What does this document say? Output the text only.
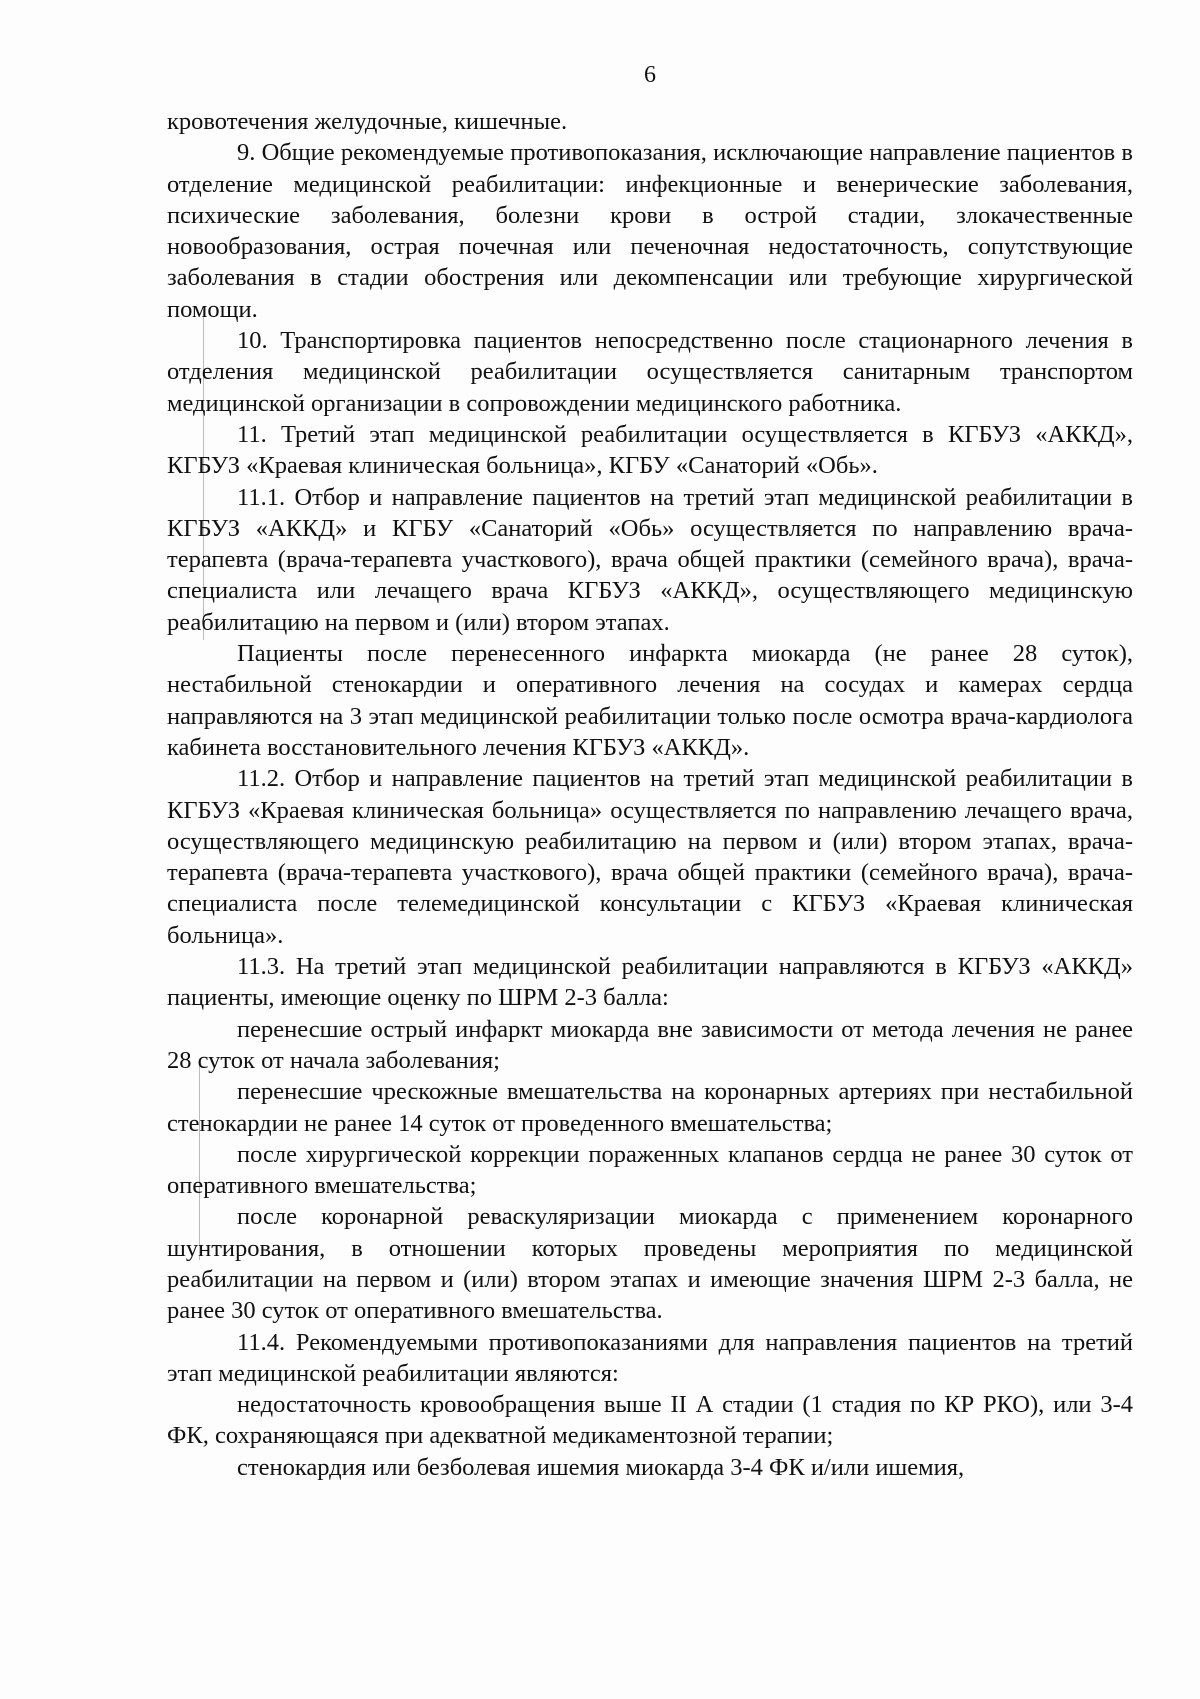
6

кровотечения желудочные, кишечные.

9. Общие рекомендуемые противопоказания, исключающие направление пациентов в отделение медицинской реабилитации: инфекционные и венерические заболевания, психические заболевания, болезни крови в острой стадии, злокачественные новообразования, острая почечная или печеночная недостаточность, сопутствующие заболевания в стадии обострения или декомпенсации или требующие хирургической помощи.

10. Транспортировка пациентов непосредственно после стационарного лечения в отделения медицинской реабилитации осуществляется санитарным транспортом медицинской организации в сопровождении медицинского работника.

11. Третий этап медицинской реабилитации осуществляется в КГБУЗ «АККД», КГБУЗ «Краевая клиническая больница», КГБУ «Санаторий «Обь».

11.1. Отбор и направление пациентов на третий этап медицинской реабилитации в КГБУЗ «АККД» и КГБУ «Санаторий «Обь» осуществляется по направлению врача-терапевта (врача-терапевта участкового), врача общей практики (семейного врача), врача-специалиста или лечащего врача КГБУЗ «АККД», осуществляющего медицинскую реабилитацию на первом и (или) втором этапах.

Пациенты после перенесенного инфаркта миокарда (не ранее 28 суток), нестабильной стенокардии и оперативного лечения на сосудах и камерах сердца направляются на 3 этап медицинской реабилитации только после осмотра врача-кардиолога кабинета восстановительного лечения КГБУЗ «АККД».

11.2. Отбор и направление пациентов на третий этап медицинской реабилитации в КГБУЗ «Краевая клиническая больница» осуществляется по направлению лечащего врача, осуществляющего медицинскую реабилитацию на первом и (или) втором этапах, врача-терапевта (врача-терапевта участкового), врача общей практики (семейного врача), врача-специалиста после телемедицинской консультации с КГБУЗ «Краевая клиническая больница».

11.3. На третий этап медицинской реабилитации направляются в КГБУЗ «АККД» пациенты, имеющие оценку по ШРМ 2-3 балла:

перенесшие острый инфаркт миокарда вне зависимости от метода лечения не ранее 28 суток от начала заболевания;

перенесшие чрескожные вмешательства на коронарных артериях при нестабильной стенокардии не ранее 14 суток от проведенного вмешательства;

после хирургической коррекции пораженных клапанов сердца не ранее 30 суток от оперативного вмешательства;

после коронарной реваскуляризации миокарда с применением коронарного шунтирования, в отношении которых проведены мероприятия по медицинской реабилитации на первом и (или) втором этапах и имеющие значения ШРМ 2-3 балла, не ранее 30 суток от оперативного вмешательства.

11.4. Рекомендуемыми противопоказаниями для направления пациентов на третий этап медицинской реабилитации являются:

недостаточность кровообращения выше II А стадии (1 стадия по КР РКО), или 3-4 ФК, сохраняющаяся при адекватной медикаментозной терапии;

стенокардия или безболевая ишемия миокарда 3-4 ФК и/или ишемия,
